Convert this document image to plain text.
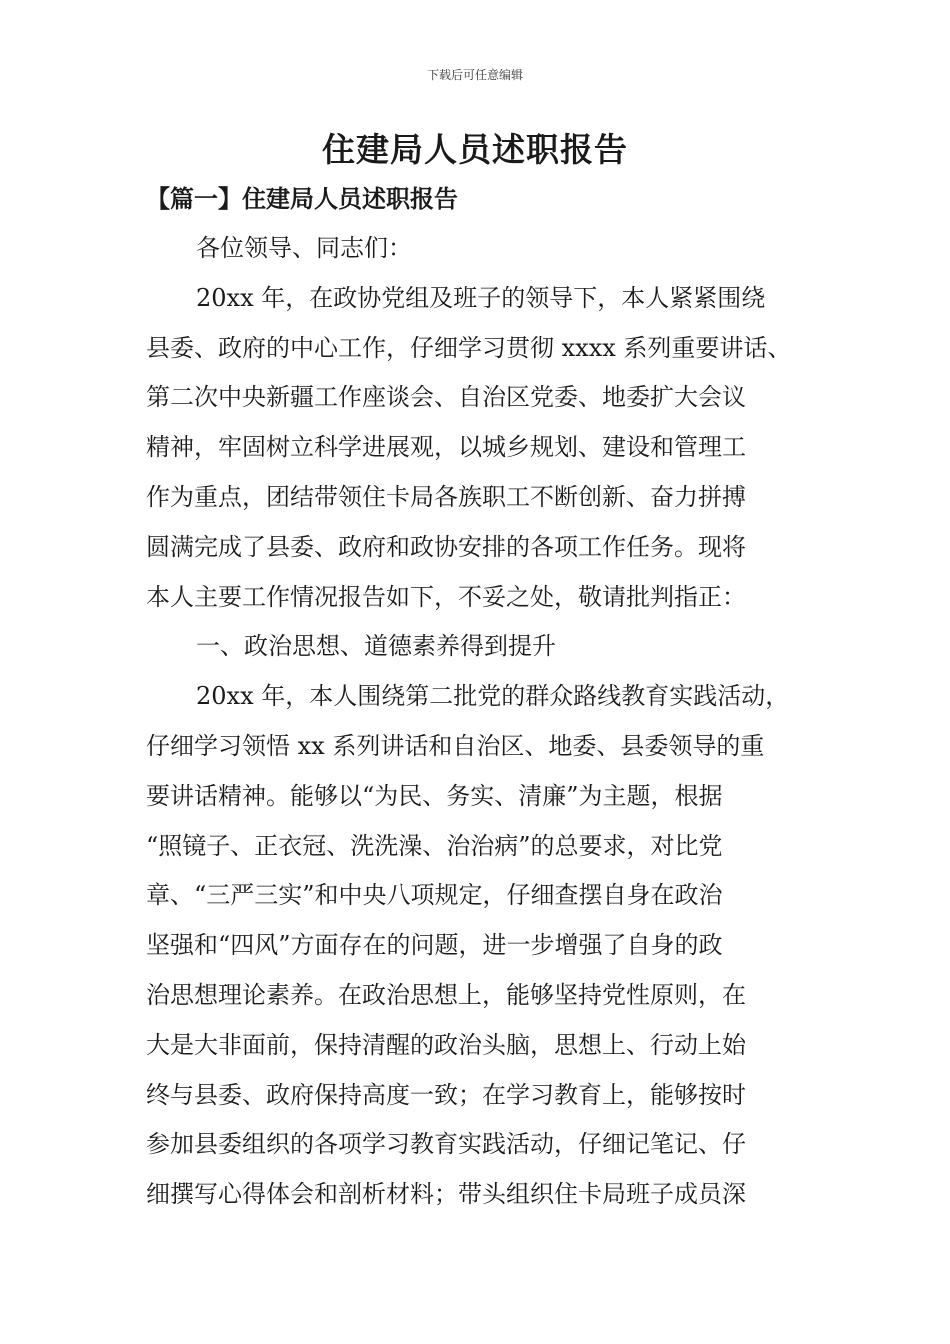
下载后可任意编辑
住建局人员述职报告
【篇一】住建局人员述职报告
各位领导、同志们：
20xx 年，在政协党组及班子的领导下，本人紧紧围绕
县委、政府的中心工作，仔细学习贯彻 xxxx 系列重要讲话、
第二次中央新疆工作座谈会、自治区党委、地委扩大会议
精神，牢固树立科学进展观，以城乡规划、建设和管理工
作为重点，团结带领住卡局各族职工不断创新、奋力拼搏
圆满完成了县委、政府和政协安排的各项工作任务。现将
本人主要工作情况报告如下，不妥之处，敬请批判指正：
一、政治思想、道德素养得到提升
20xx 年，本人围绕第二批党的群众路线教育实践活动，
仔细学习领悟 xx 系列讲话和自治区、地委、县委领导的重
要讲话精神。能够以“为民、务实、清廉”为主题，根据
“照镜子、正衣冠、洗洗澡、治治病”的总要求，对比党
章、“三严三实”和中央八项规定，仔细查摆自身在政治
坚强和“四风”方面存在的问题，进一步增强了自身的政
治思想理论素养。在政治思想上，能够坚持党性原则，在
大是大非面前，保持清醒的政治头脑，思想上、行动上始
终与县委、政府保持高度一致；在学习教育上，能够按时
参加县委组织的各项学习教育实践活动，仔细记笔记、仔
细撰写心得体会和剖析材料；带头组织住卡局班子成员深
